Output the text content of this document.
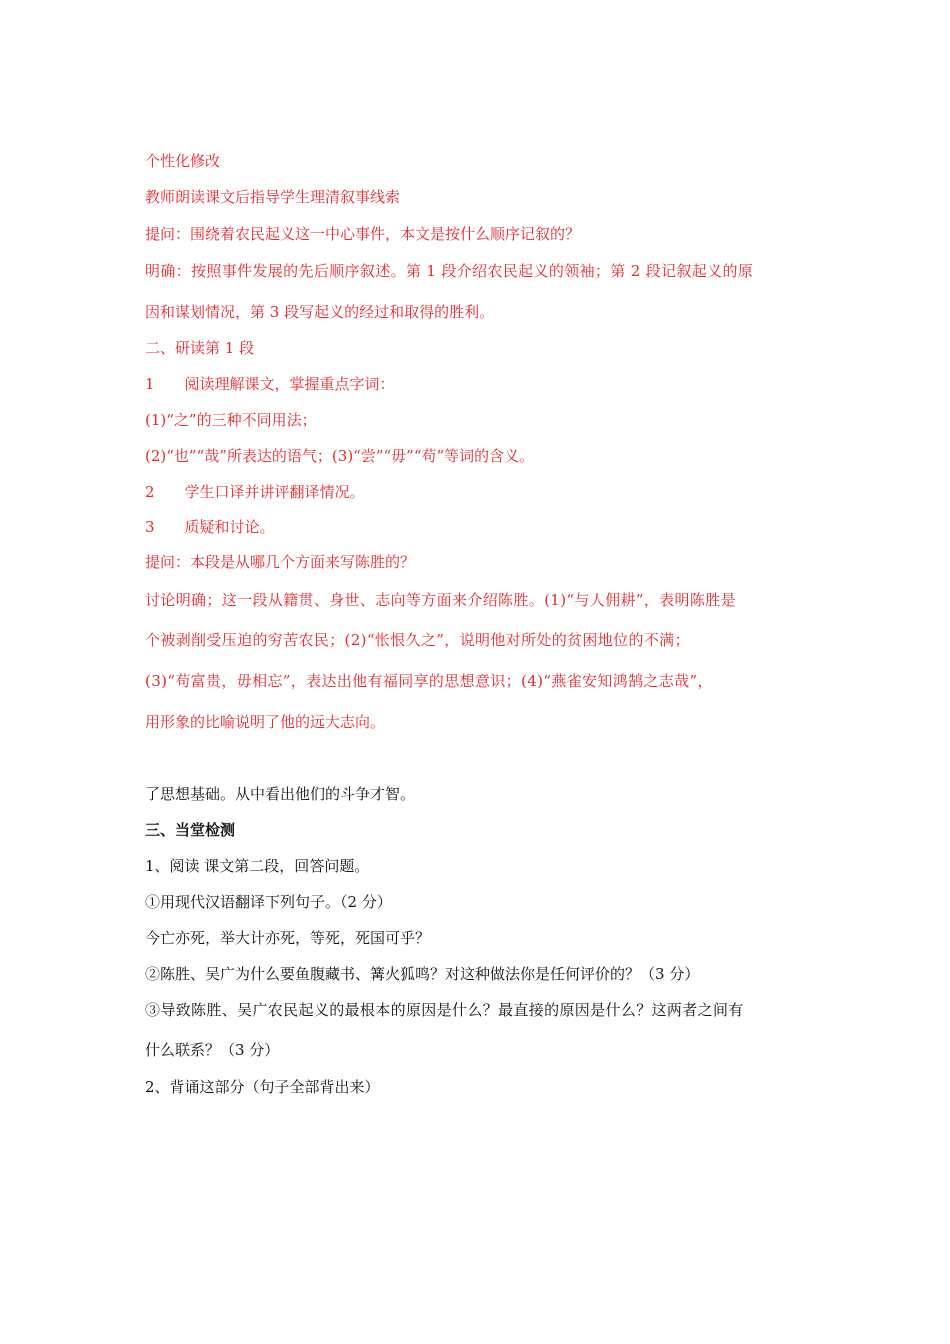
个性化修改
教师朗读课文后指导学生理清叙事线索
提问：围绕着农民起义这一中心事件，本文是按什么顺序记叙的？
明确：按照事件发展的先后顺序叙述。第 1 段介绍农民起义的领袖；第 2 段记叙起义的原
因和谋划情况，第 3 段写起义的经过和取得的胜利。
二、研读第 1 段
1　　阅读理解课文，掌握重点字词：
(1)“之”的三种不同用法；
(2)“也”“哉”所表达的语气；(3)“尝”“毋”“苟”等词的含义。
2　　学生口译并讲评翻译情况。
3　　质疑和讨论。
提问：本段是从哪几个方面来写陈胜的？
讨论明确；这一段从籍贯、身世、志向等方面来介绍陈胜。(1)“与人佣耕”，表明陈胜是
个被剥削受压迫的穷苦农民；(2)“怅恨久之”，说明他对所处的贫困地位的不满；
(3)“苟富贵，毋相忘”，表达出他有福同享的思想意识；(4)“燕雀安知鸿鹄之志哉”，
用形象的比喻说明了他的远大志向。
了思想基础。从中看出他们的斗争才智。
三、当堂检测
1、阅读 课文第二段，回答问题。
①用现代汉语翻译下列句子。（2 分）
今亡亦死，举大计亦死，等死，死国可乎？
②陈胜、吴广为什么要鱼腹藏书、篝火狐鸣？对这种做法你是任何评价的？（3 分）
③导致陈胜、吴广农民起义的最根本的原因是什么？最直接的原因是什么？这两者之间有
什么联系？（3 分）
2、背诵这部分（句子全部背出来）
